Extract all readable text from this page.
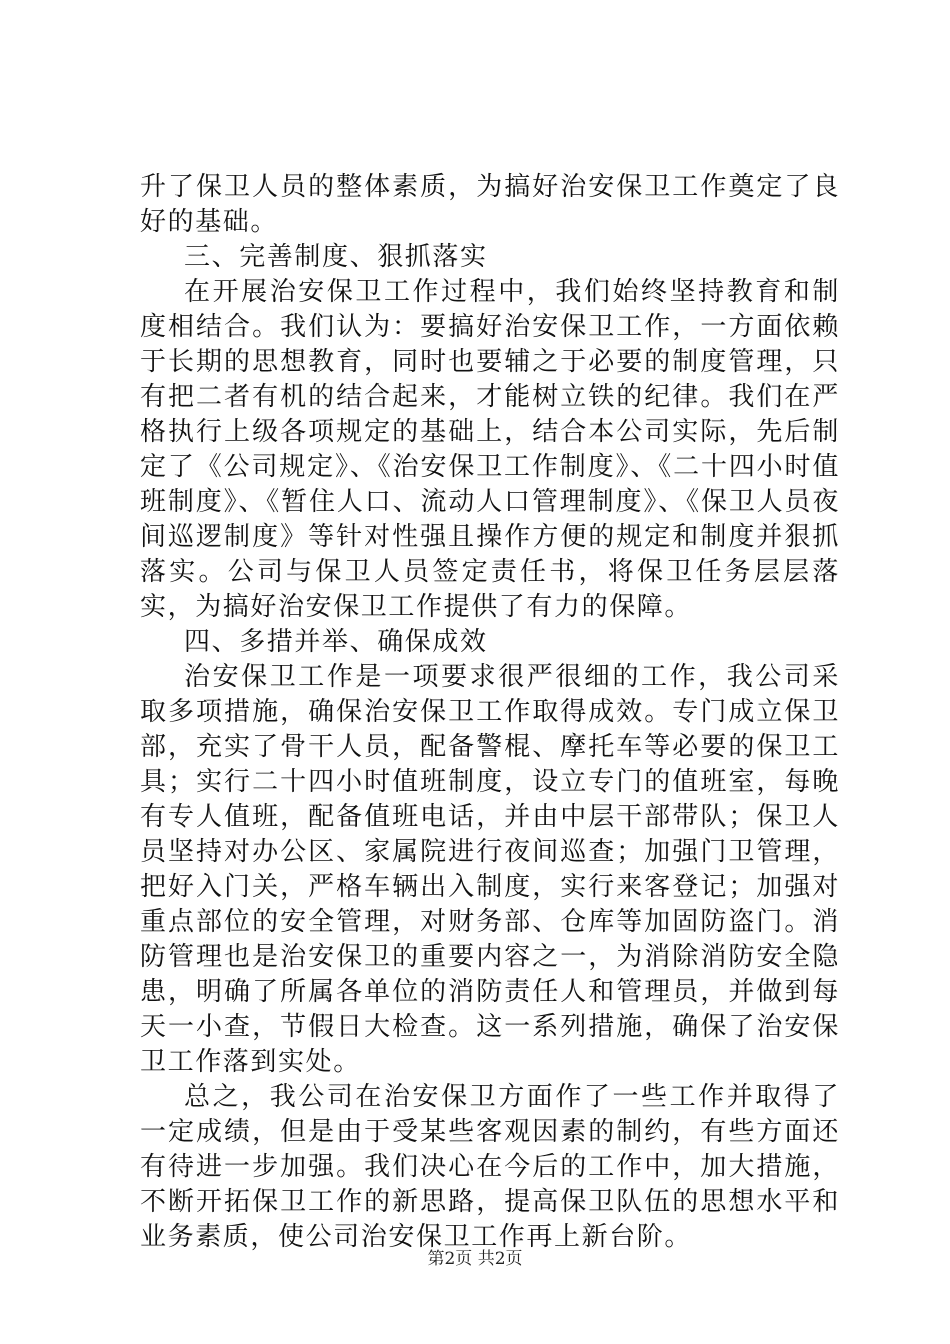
升了保卫人员的整体素质，为搞好治安保卫工作奠定了良好的基础。

三、完善制度、狠抓落实

在开展治安保卫工作过程中，我们始终坚持教育和制度相结合。我们认为：要搞好治安保卫工作，一方面依赖于长期的思想教育，同时也要辅之于必要的制度管理，只有把二者有机的结合起来，才能树立铁的纪律。我们在严格执行上级各项规定的基础上，结合本公司实际，先后制定了《公司规定》、《治安保卫工作制度》、《二十四小时值班制度》、《暂住人口、流动人口管理制度》、《保卫人员夜间巡逻制度》等针对性强且操作方便的规定和制度并狠抓落实。公司与保卫人员签定责任书，将保卫任务层层落实，为搞好治安保卫工作提供了有力的保障。

四、多措并举、确保成效

治安保卫工作是一项要求很严很细的工作，我公司采取多项措施，确保治安保卫工作取得成效。专门成立保卫部，充实了骨干人员，配备警棍、摩托车等必要的保卫工具；实行二十四小时值班制度，设立专门的值班室，每晚有专人值班，配备值班电话，并由中层干部带队；保卫人员坚持对办公区、家属院进行夜间巡查；加强门卫管理，把好入门关，严格车辆出入制度，实行来客登记；加强对重点部位的安全管理，对财务部、仓库等加固防盗门。消防管理也是治安保卫的重要内容之一，为消除消防安全隐患，明确了所属各单位的消防责任人和管理员，并做到每天一小查，节假日大检查。这一系列措施，确保了治安保卫工作落到实处。

总之，我公司在治安保卫方面作了一些工作并取得了一定成绩，但是由于受某些客观因素的制约，有些方面还有待进一步加强。我们决心在今后的工作中，加大措施，不断开拓保卫工作的新思路，提高保卫队伍的思想水平和业务素质，使公司治安保卫工作再上新台阶。

第2页 共2页
